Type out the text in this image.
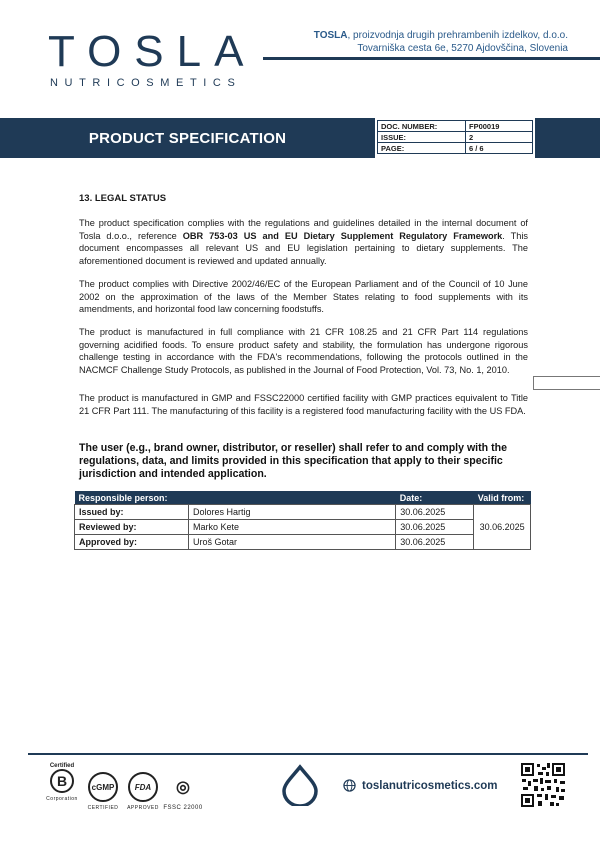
TOSLA
NUTRICOSMETICS
TOSLA, proizvodnja drugih prehrambenih izdelkov, d.o.o.
Tovarniška cesta 6e, 5270 Ajdovščina, Slovenia
PRODUCT SPECIFICATION
DOC. NUMBER:	FP00019
ISSUE:	2
PAGE:	6 / 6
13. LEGAL STATUS
The product specification complies with the regulations and guidelines detailed in the internal document of Tosla d.o.o., reference OBR 753-03 US and EU Dietary Supplement Regulatory Framework. This document encompasses all relevant US and EU legislation pertaining to dietary supplements. The aforementioned document is reviewed and updated annually.
The product complies with Directive 2002/46/EC of the European Parliament and of the Council of 10 June 2002 on the approximation of the laws of the Member States relating to food supplements with its amendments, and horizontal food law concerning foodstuffs.
The product is manufactured in full compliance with 21 CFR 108.25 and 21 CFR Part 114 regulations governing acidified foods. To ensure product safety and stability, the formulation has undergone rigorous challenge testing in accordance with the FDA's recommendations, following the protocols outlined in the NACMCF Challenge Study Protocols, as published in the Journal of Food Protection, Vol. 73, No. 1, 2010.
The product is manufactured in GMP and FSSC22000 certified facility with GMP practices equivalent to Title 21 CFR Part 111. The manufacturing of this facility is a registered food manufacturing facility with the US FDA.
The user (e.g., brand owner, distributor, or reseller) shall refer to and comply with the regulations, data, and limits provided in this specification that apply to their specific jurisdiction and intended application.
Responsible person:		Date:	Valid from:
Issued by:	Dolores Hartig	30.06.2025	30.06.2025
Reviewed by:	Marko Kete	30.06.2025	
Approved by:	Uroš Gotar	30.06.2025	
Certified
B
Corporation
cGMP
CERTIFIED
FDA
APPROVED
◎
FSSC 22000
toslanutricosmetics.com
